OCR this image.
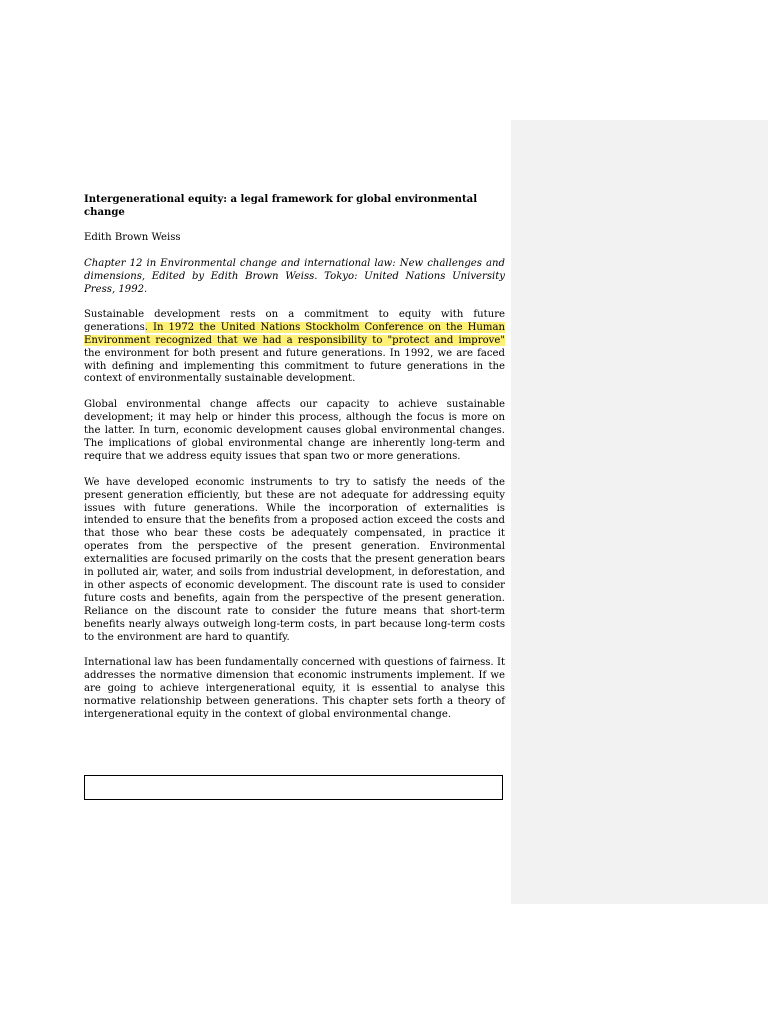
Intergenerational equity: a legal framework for global environmental change

Edith Brown Weiss

Chapter 12 in Environmental change and international law: New challenges and dimensions, Edited by Edith Brown Weiss. Tokyo: United Nations University Press, 1992.

Sustainable development rests on a commitment to equity with future generations. In 1972 the United Nations Stockholm Conference on the Human Environment recognized that we had a responsibility to "protect and improve" the environment for both present and future generations. In 1992, we are faced with defining and implementing this commitment to future generations in the context of environmentally sustainable development.

Global environmental change affects our capacity to achieve sustainable development; it may help or hinder this process, although the focus is more on the latter. In turn, economic development causes global environmental changes. The implications of global environmental change are inherently long-term and require that we address equity issues that span two or more generations.

We have developed economic instruments to try to satisfy the needs of the present generation efficiently, but these are not adequate for addressing equity issues with future generations. While the incorporation of externalities is intended to ensure that the benefits from a proposed action exceed the costs and that those who bear these costs be adequately compensated, in practice it operates from the perspective of the present generation. Environmental externalities are focused primarily on the costs that the present generation bears in polluted air, water, and soils from industrial development, in deforestation, and in other aspects of economic development. The discount rate is used to consider future costs and benefits, again from the perspective of the present generation. Reliance on the discount rate to consider the future means that short-term benefits nearly always outweigh long-term costs, in part because long-term costs to the environment are hard to quantify.

International law has been fundamentally concerned with questions of fairness. It addresses the normative dimension that economic instruments implement. If we are going to achieve intergenerational equity, it is essential to analyse this normative relationship between generations. This chapter sets forth a theory of intergenerational equity in the context of global environmental change.
